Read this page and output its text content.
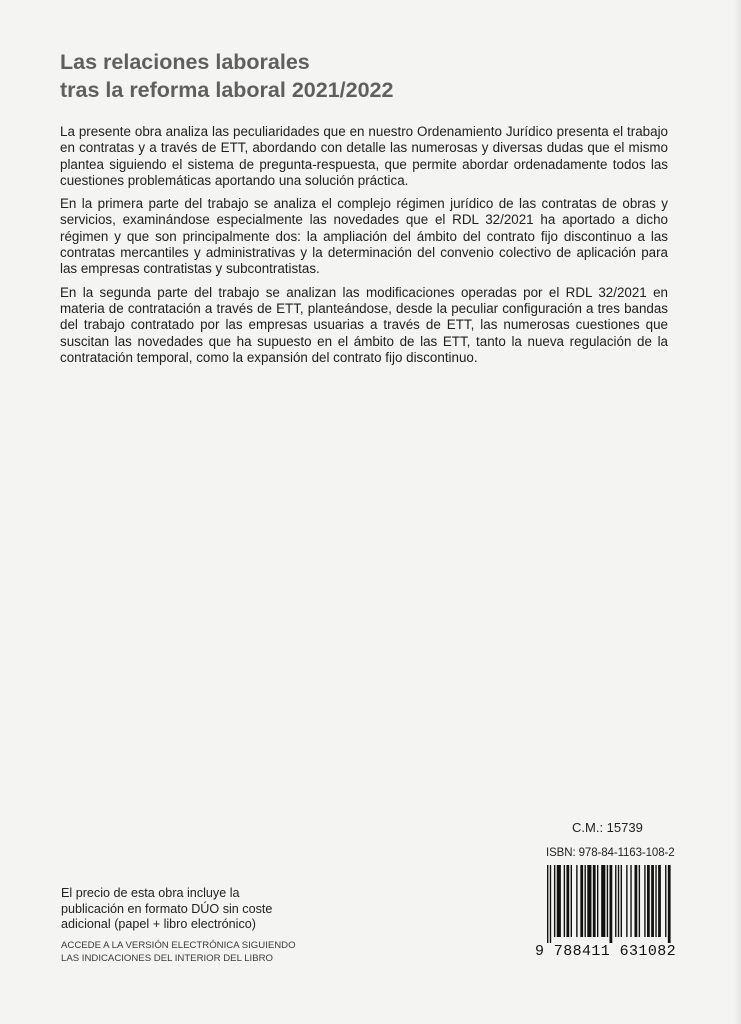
Las relaciones laborales
tras la reforma laboral 2021/2022

La presente obra analiza las peculiaridades que en nuestro Ordenamiento Jurídico presenta el trabajo en contratas y a través de ETT, abordando con detalle las numerosas y diversas dudas que el mismo plantea siguiendo el sistema de pregunta-respuesta, que permite abordar ordenadamente todos las cuestiones problemáticas aportando una solución práctica.

En la primera parte del trabajo se analiza el complejo régimen jurídico de las contratas de obras y servicios, examinándose especialmente las novedades que el RDL 32/2021 ha aportado a dicho régimen y que son principalmente dos: la ampliación del ámbito del contrato fijo discontinuo a las contratas mercantiles y administrativas y la determinación del convenio colectivo de aplicación para las empresas contratistas y subcontratistas.

En la segunda parte del trabajo se analizan las modificaciones operadas por el RDL 32/2021 en materia de contratación a través de ETT, planteándose, desde la peculiar configuración a tres bandas del trabajo contratado por las empresas usuarias a través de ETT, las numerosas cuestiones que suscitan las novedades que ha supuesto en el ámbito de las ETT, tanto la nueva regulación de la contratación temporal, como la expansión del contrato fijo discontinuo.

C.M.: 15739
ISBN: 978-84-1163-108-2
9 788411 631082
El precio de esta obra incluye la
publicación en formato DÚO sin coste
adicional (papel + libro electrónico)
ACCEDE A LA VERSIÓN ELECTRÓNICA SIGUIENDO
LAS INDICACIONES DEL INTERIOR DEL LIBRO
